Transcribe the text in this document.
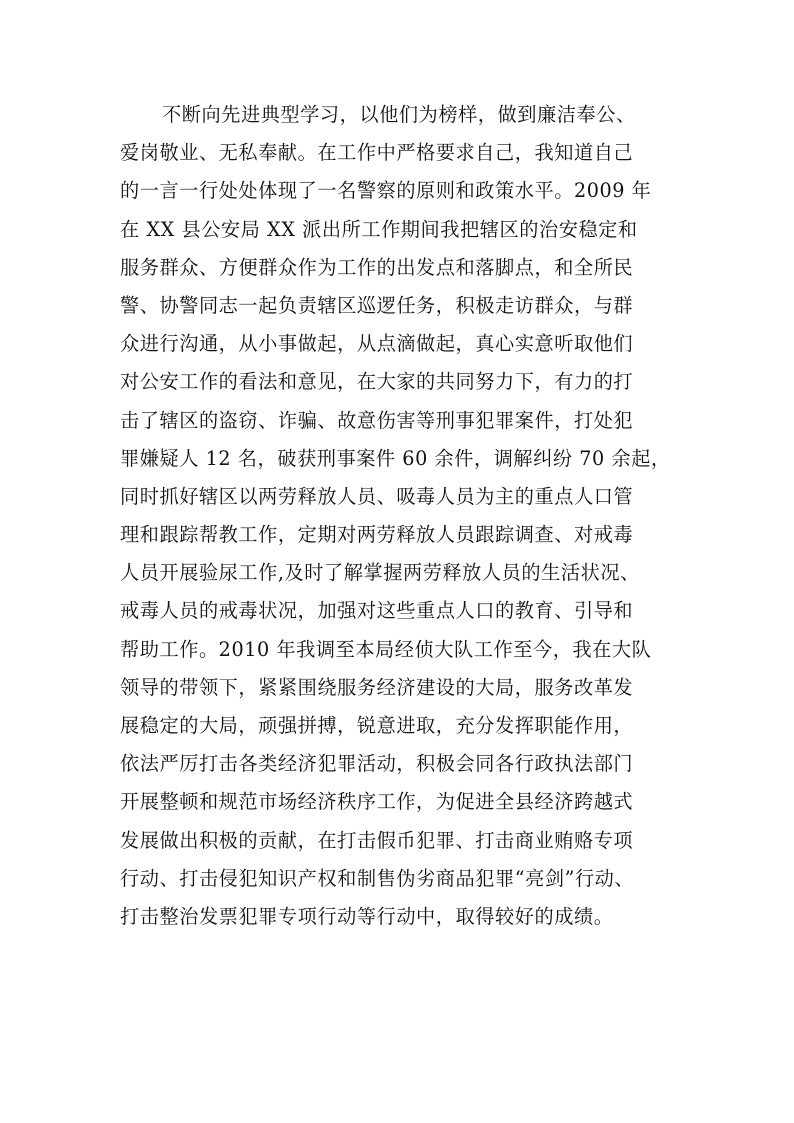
不断向先进典型学习，以他们为榜样，做到廉洁奉公、
爱岗敬业、无私奉献。在工作中严格要求自己，我知道自己
的一言一行处处体现了一名警察的原则和政策水平。2009 年
在 XX 县公安局 XX 派出所工作期间我把辖区的治安稳定和
服务群众、方便群众作为工作的出发点和落脚点，和全所民
警、协警同志一起负责辖区巡逻任务，积极走访群众，与群
众进行沟通，从小事做起，从点滴做起，真心实意听取他们
对公安工作的看法和意见，在大家的共同努力下，有力的打
击了辖区的盗窃、诈骗、故意伤害等刑事犯罪案件，打处犯
罪嫌疑人 12 名，破获刑事案件 60 余件，调解纠纷 70 余起，
同时抓好辖区以两劳释放人员、吸毒人员为主的重点人口管
理和跟踪帮教工作，定期对两劳释放人员跟踪调查、对戒毒
人员开展验尿工作,及时了解掌握两劳释放人员的生活状况、
戒毒人员的戒毒状况，加强对这些重点人口的教育、引导和
帮助工作。2010 年我调至本局经侦大队工作至今，我在大队
领导的带领下，紧紧围绕服务经济建设的大局，服务改革发
展稳定的大局，顽强拼搏，锐意进取，充分发挥职能作用，
依法严厉打击各类经济犯罪活动，积极会同各行政执法部门
开展整顿和规范市场经济秩序工作，为促进全县经济跨越式
发展做出积极的贡献，在打击假币犯罪、打击商业贿赂专项
行动、打击侵犯知识产权和制售伪劣商品犯罪“亮剑”行动、
打击整治发票犯罪专项行动等行动中，取得较好的成绩。
